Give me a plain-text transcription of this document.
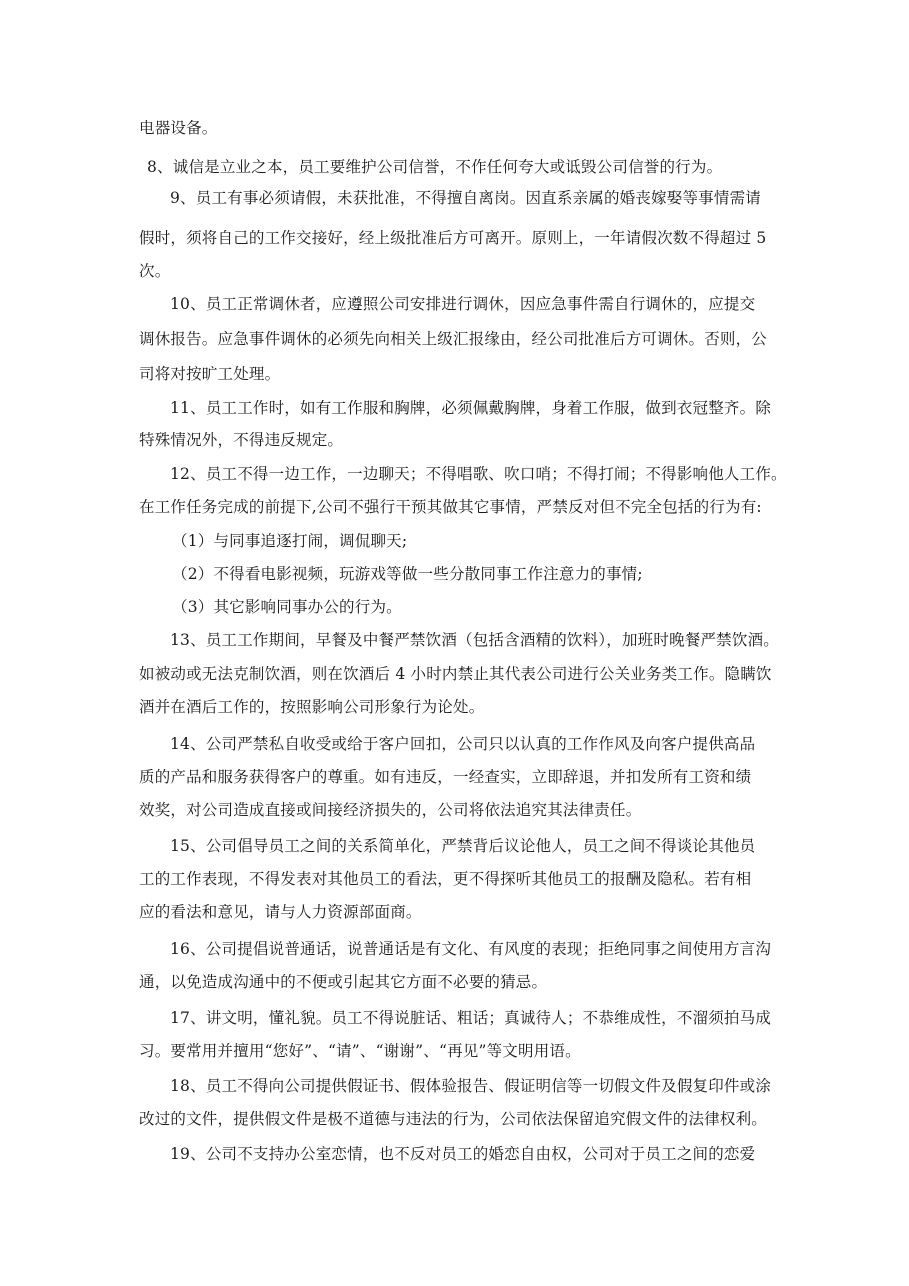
电器设备。
8、诚信是立业之本，员工要维护公司信誉，不作任何夸大或诋毁公司信誉的行为。
9、员工有事必须请假，未获批准，不得擅自离岗。因直系亲属的婚丧嫁娶等事情需请
假时，须将自己的工作交接好，经上级批准后方可离开。原则上，一年请假次数不得超过 5
次。
10、员工正常调休者，应遵照公司安排进行调休，因应急事件需自行调休的，应提交
调休报告。应急事件调休的必须先向相关上级汇报缘由，经公司批准后方可调休。否则，公
司将对按旷工处理。
11、员工工作时，如有工作服和胸牌，必须佩戴胸牌，身着工作服，做到衣冠整齐。除
特殊情况外，不得违反规定。
12、员工不得一边工作，一边聊天；不得唱歌、吹口哨；不得打闹；不得影响他人工作。
在工作任务完成的前提下,公司不强行干预其做其它事情，严禁反对但不完全包括的行为有:
（1）与同事追逐打闹，调侃聊天;
（2）不得看电影视频，玩游戏等做一些分散同事工作注意力的事情;
（3）其它影响同事办公的行为。
13、员工工作期间，早餐及中餐严禁饮酒（包括含酒精的饮料），加班时晚餐严禁饮酒。
如被动或无法克制饮酒，则在饮酒后 4 小时内禁止其代表公司进行公关业务类工作。隐瞒饮
酒并在酒后工作的，按照影响公司形象行为论处。
14、公司严禁私自收受或给于客户回扣，公司只以认真的工作作风及向客户提供高品
质的产品和服务获得客户的尊重。如有违反，一经查实，立即辞退，并扣发所有工资和绩
效奖，对公司造成直接或间接经济损失的，公司将依法追究其法律责任。
15、公司倡导员工之间的关系简单化，严禁背后议论他人，员工之间不得谈论其他员
工的工作表现，不得发表对其他员工的看法，更不得探听其他员工的报酬及隐私。若有相
应的看法和意见，请与人力资源部面商。
16、公司提倡说普通话，说普通话是有文化、有风度的表现；拒绝同事之间使用方言沟
通，以免造成沟通中的不便或引起其它方面不必要的猜忌。
17、讲文明，懂礼貌。员工不得说脏话、粗话；真诚待人；不恭维成性，不溜须拍马成
习。要常用并擅用“您好”、“请”、“谢谢”、“再见”等文明用语。
18、员工不得向公司提供假证书、假体验报告、假证明信等一切假文件及假复印件或涂
改过的文件，提供假文件是极不道德与违法的行为，公司依法保留追究假文件的法律权利。
19、公司不支持办公室恋情，也不反对员工的婚恋自由权，公司对于员工之间的恋爱
